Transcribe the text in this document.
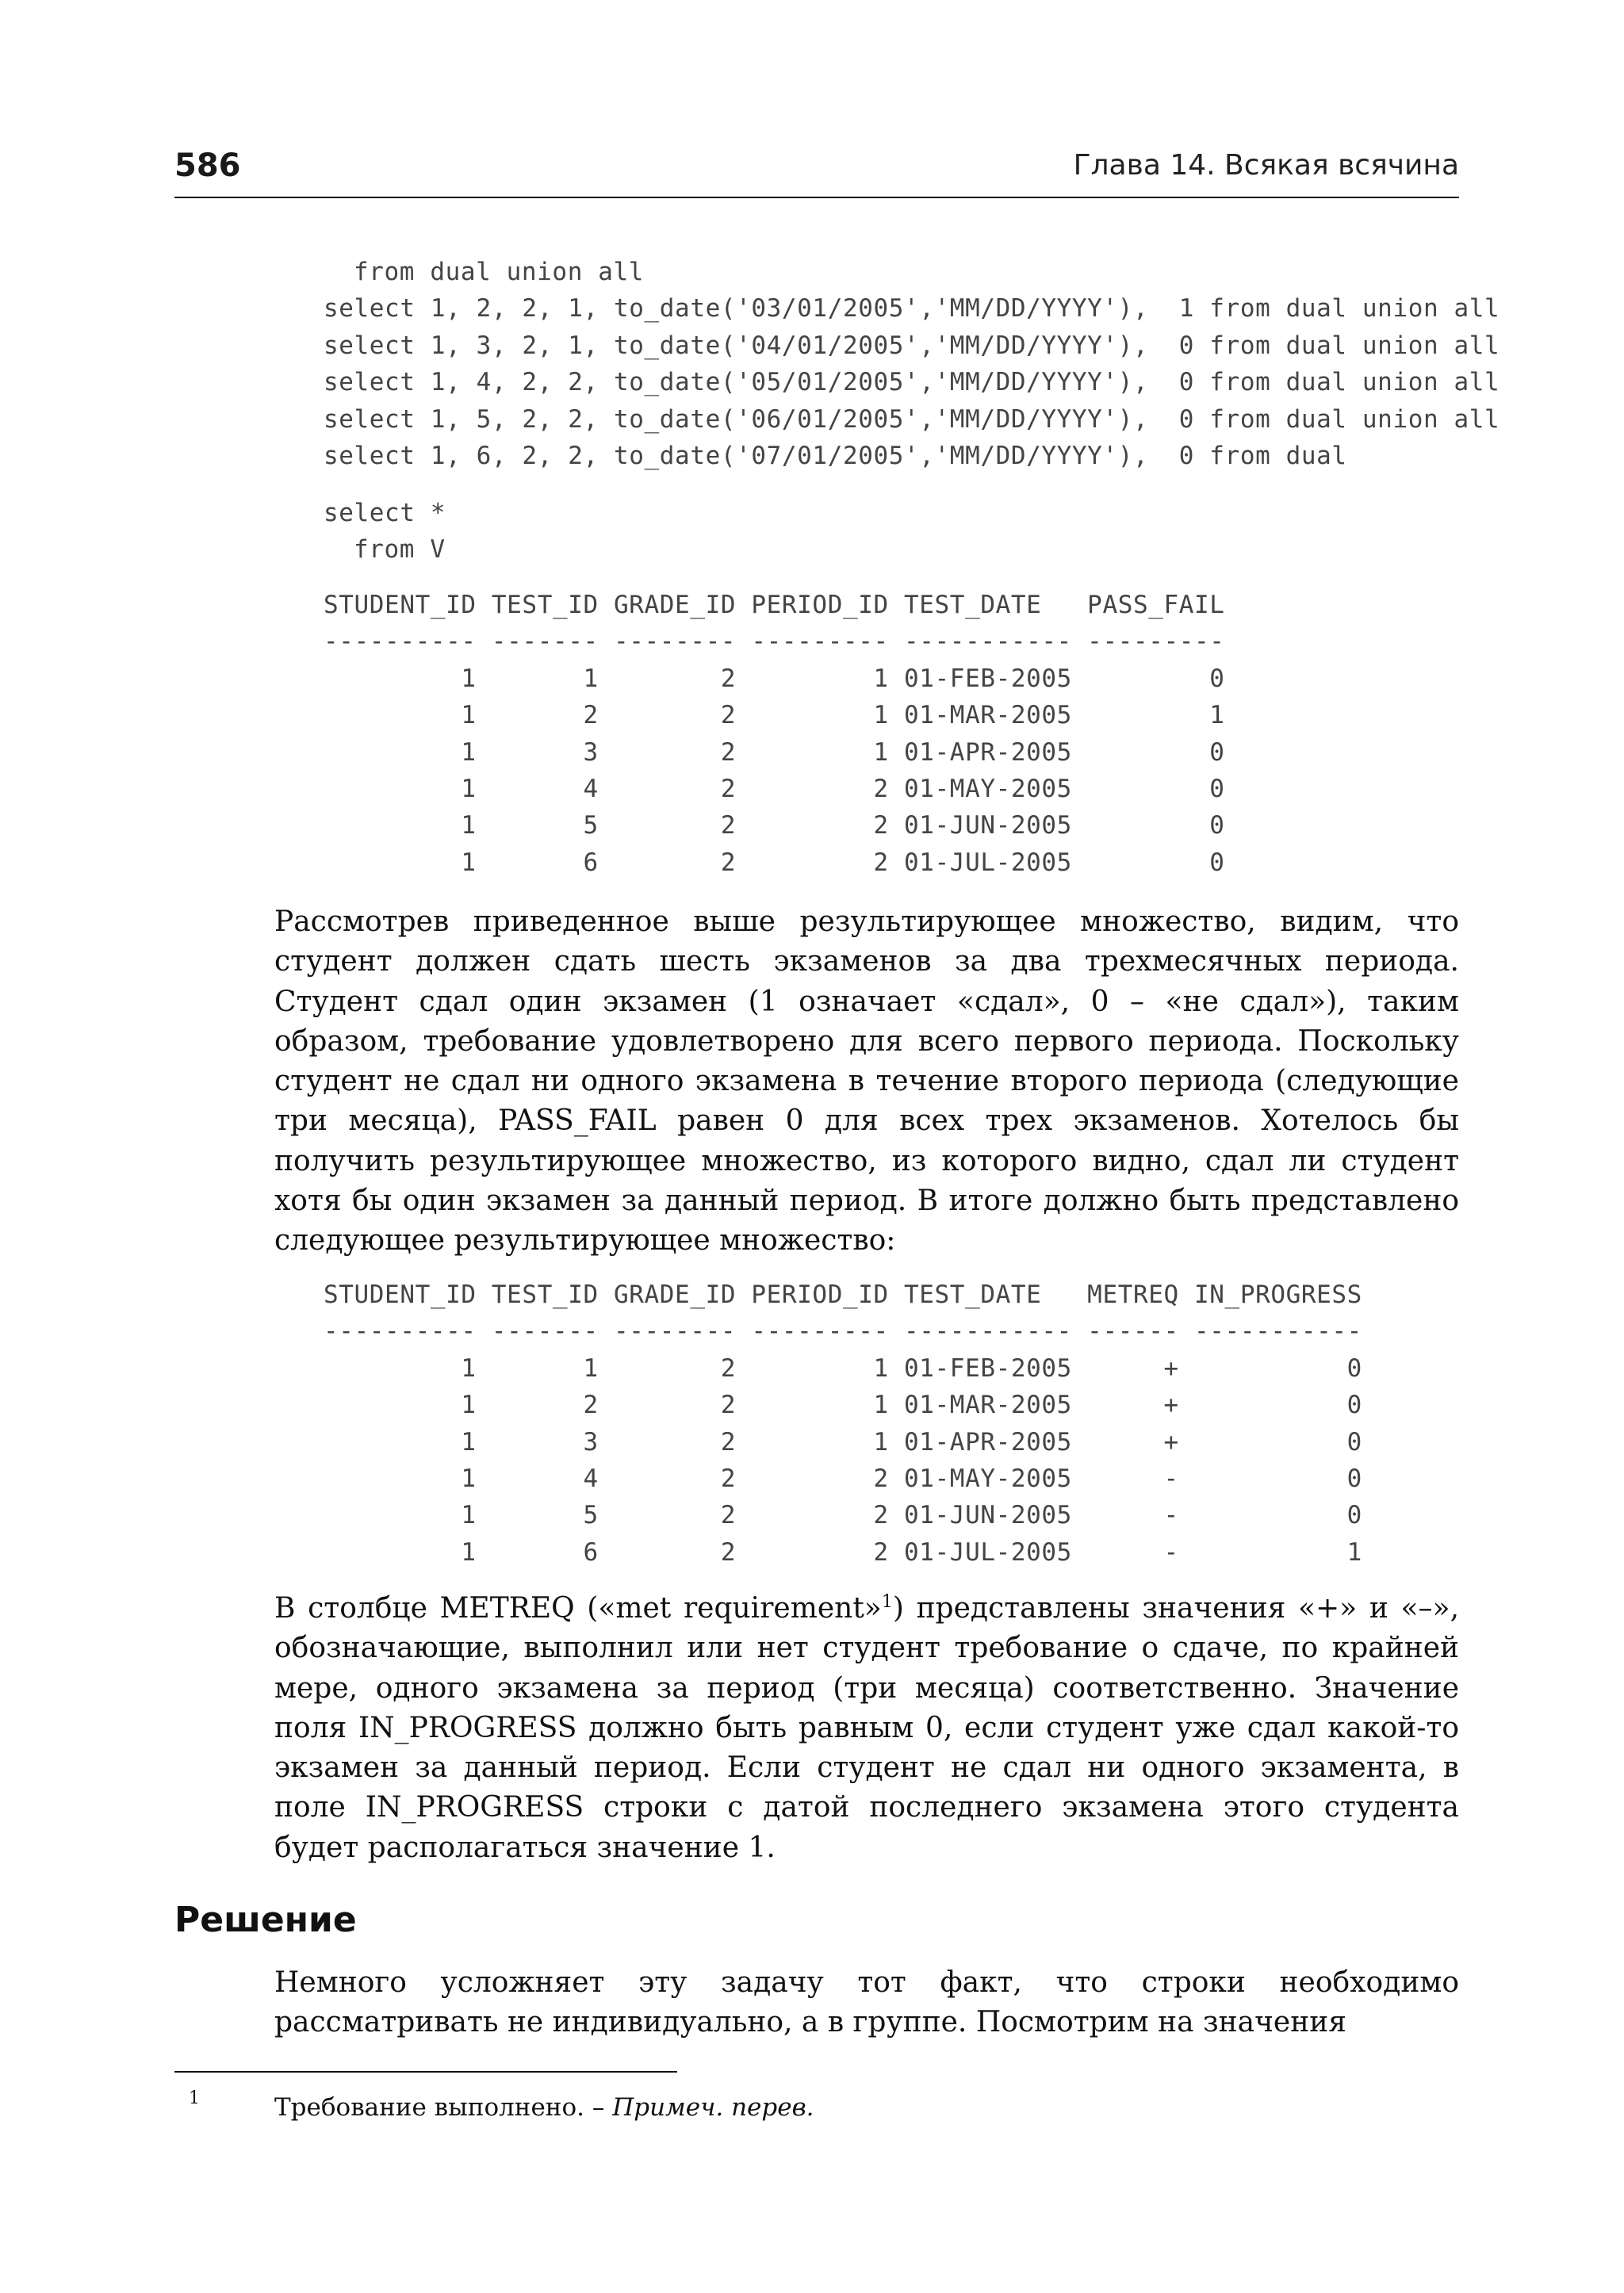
586	Глава 14. Всякая всячина
from dual union all
select 1, 2, 2, 1, to_date('03/01/2005','MM/DD/YYYY'),  1 from dual union all
select 1, 3, 2, 1, to_date('04/01/2005','MM/DD/YYYY'),  0 from dual union all
select 1, 4, 2, 2, to_date('05/01/2005','MM/DD/YYYY'),  0 from dual union all
select 1, 5, 2, 2, to_date('06/01/2005','MM/DD/YYYY'),  0 from dual union all
select 1, 6, 2, 2, to_date('07/01/2005','MM/DD/YYYY'),  0 from dual
select *
from V
STUDENT_ID TEST_ID GRADE_ID PERIOD_ID TEST_DATE   PASS_FAIL
---------- ------- -------- --------- ----------- ---------
1       1        2         1 01-FEB-2005         0
1       2        2         1 01-MAR-2005         1
1       3        2         1 01-APR-2005         0
1       4        2         2 01-MAY-2005         0
1       5        2         2 01-JUN-2005         0
1       6        2         2 01-JUL-2005         0

Рассмотрев приведенное выше результирующее множество, видим, что студент должен сдать шесть экзаменов за два трехмесячных периода. Студент сдал один экзамен (1 означает «сдал», 0 – «не сдал»), таким образом, требование удовлетворено для всего первого периода. Поскольку студент не сдал ни одного экзамена в течение второго периода (следующие три месяца), PASS_FAIL равен 0 для всех трех экзаменов. Хотелось бы получить результирующее множество, из которого видно, сдал ли студент хотя бы один экзамен за данный период. В итоге должно быть представлено следующее результирующее множество:

STUDENT_ID TEST_ID GRADE_ID PERIOD_ID TEST_DATE   METREQ IN_PROGRESS
---------- ------- -------- --------- ----------- ------ -----------
1       1        2         1 01-FEB-2005      +           0
1       2        2         1 01-MAR-2005      +           0
1       3        2         1 01-APR-2005      +           0
1       4        2         2 01-MAY-2005      -           0
1       5        2         2 01-JUN-2005      -           0
1       6        2         2 01-JUL-2005      -           1

В столбце METREQ («met requirement»$^1$) представлены значения «+» и «–», обозначающие, выполнил или нет студент требование о сдаче, по крайней мере, одного экзамена за период (три месяца) соответственно. Значение поля IN_PROGRESS должно быть равным 0, если студент уже сдал какой-то экзамен за данный период. Если студент не сдал ни одного экзамента, в поле IN_PROGRESS строки с датой последнего экзамена этого студента будет располагаться значение 1.

Решение

Немного усложняет эту задачу тот факт, что строки необходимо рассматривать не индивидуально, а в группе. Посмотрим на значения

1	Требование выполнено. – Примеч. перев.
